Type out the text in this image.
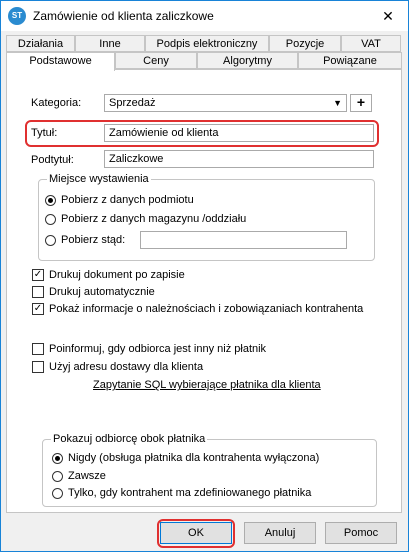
ST Zamówienie od klienta zaliczkowe	✕
Działania	Inne	Podpis elektroniczny	Pozycje	VAT
Podstawowe	Ceny	Algorytmy	Powiązane
Kategoria:	Sprzedaż	▼	+
Tytuł:	Zamówienie od klienta
Podtytuł:	Zaliczkowe
Miejsce wystawienia
Pobierz z danych podmiotu
Pobierz z danych magazynu /oddziału
Pobierz stąd:
✓ Drukuj dokument po zapisie
Drukuj automatycznie
✓ Pokaż informacje o należnościach i zobowiązaniach kontrahenta
Poinformuj, gdy odbiorca jest inny niż płatnik
Użyj adresu dostawy dla klienta
Zapytanie SQL wybierające płatnika dla klienta
Pokazuj odbiorcę obok płatnika
Nigdy (obsługa płatnika dla kontrahenta wyłączona)
Zawsze
Tylko, gdy kontrahent ma zdefiniowanego płatnika
OK	Anuluj	Pomoc
